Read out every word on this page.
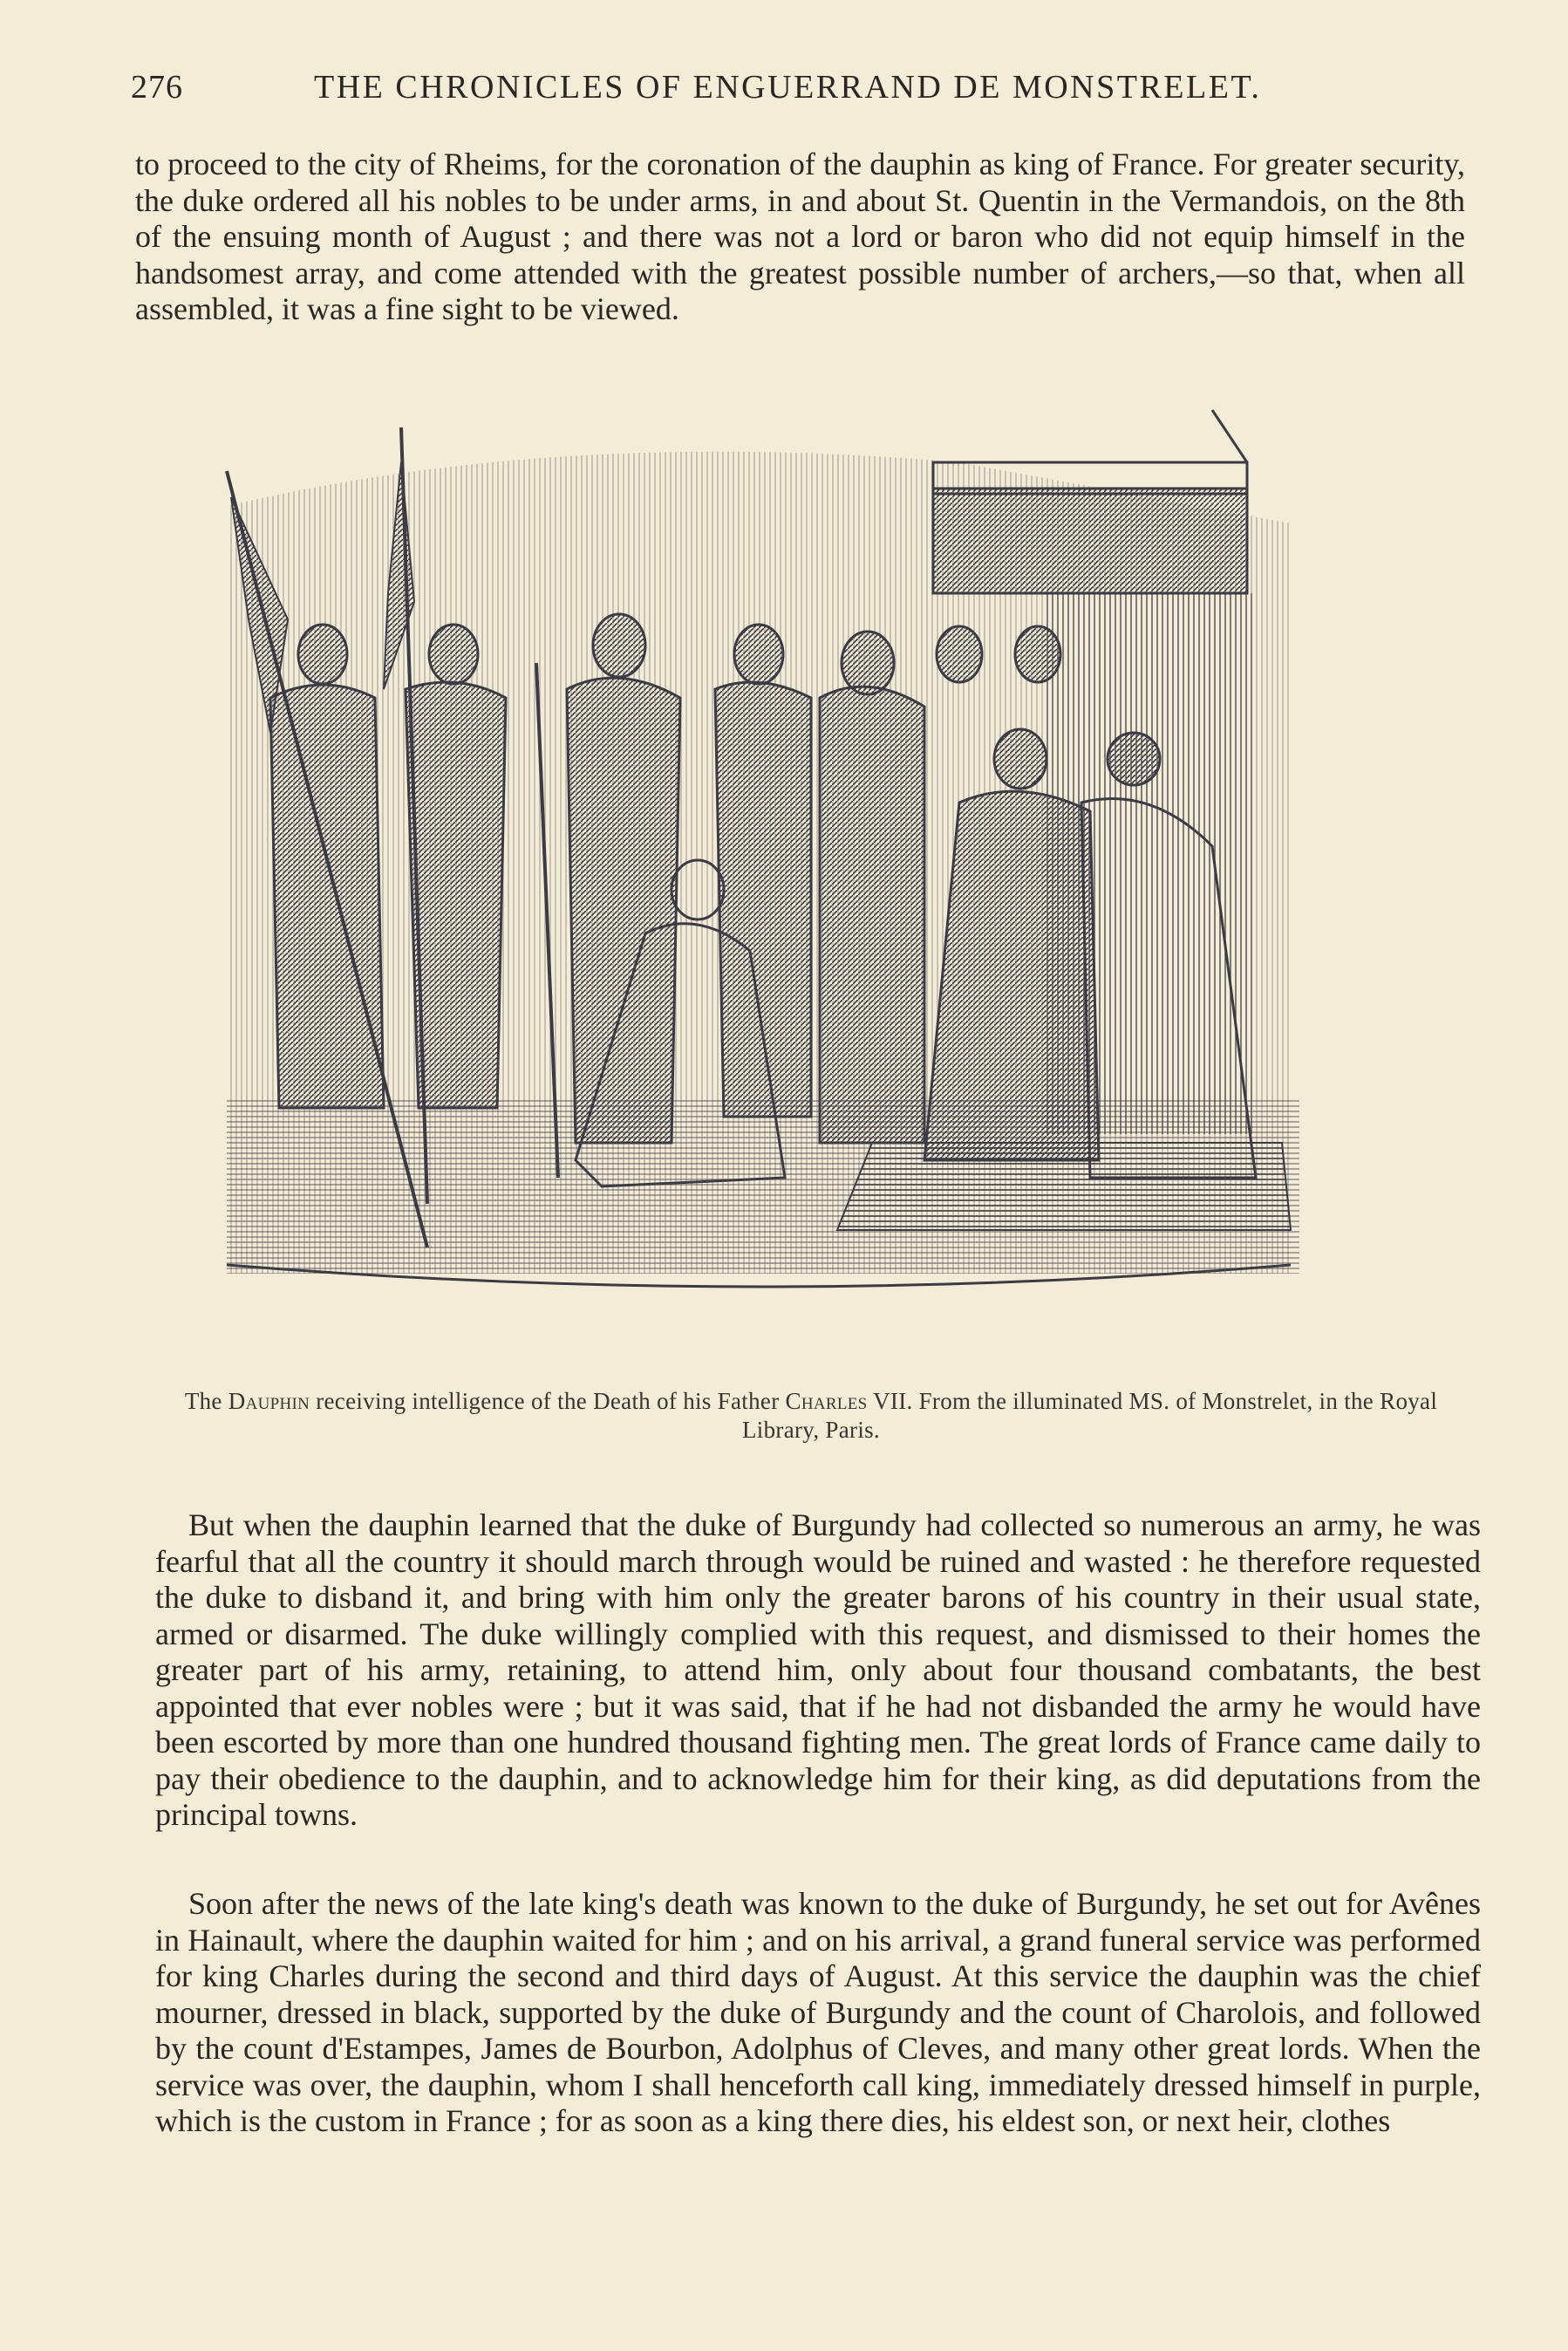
276	THE CHRONICLES OF ENGUERRAND DE MONSTRELET.

to proceed to the city of Rheims, for the coronation of the dauphin as king of France. For greater security, the duke ordered all his nobles to be under arms, in and about St. Quentin in the Vermandois, on the 8th of the ensuing month of August ; and there was not a lord or baron who did not equip himself in the handsomest array, and come attended with the greatest possible number of archers,—so that, when all assembled, it was a fine sight to be viewed.

The Dauphin receiving intelligence of the Death of his Father Charles VII. From the illuminated MS. of Monstrelet, in the Royal Library, Paris.

But when the dauphin learned that the duke of Burgundy had collected so numerous an army, he was fearful that all the country it should march through would be ruined and wasted : he therefore requested the duke to disband it, and bring with him only the greater barons of his country in their usual state, armed or disarmed. The duke willingly complied with this request, and dismissed to their homes the greater part of his army, retaining, to attend him, only about four thousand combatants, the best appointed that ever nobles were ; but it was said, that if he had not disbanded the army he would have been escorted by more than one hundred thousand fighting men. The great lords of France came daily to pay their obedience to the dauphin, and to acknowledge him for their king, as did deputations from the principal towns.

Soon after the news of the late king's death was known to the duke of Burgundy, he set out for Avênes in Hainault, where the dauphin waited for him ; and on his arrival, a grand funeral service was performed for king Charles during the second and third days of August. At this service the dauphin was the chief mourner, dressed in black, supported by the duke of Burgundy and the count of Charolois, and followed by the count d'Estampes, James de Bourbon, Adolphus of Cleves, and many other great lords. When the service was over, the dauphin, whom I shall henceforth call king, immediately dressed himself in purple, which is the custom in France ; for as soon as a king there dies, his eldest son, or next heir, clothes
